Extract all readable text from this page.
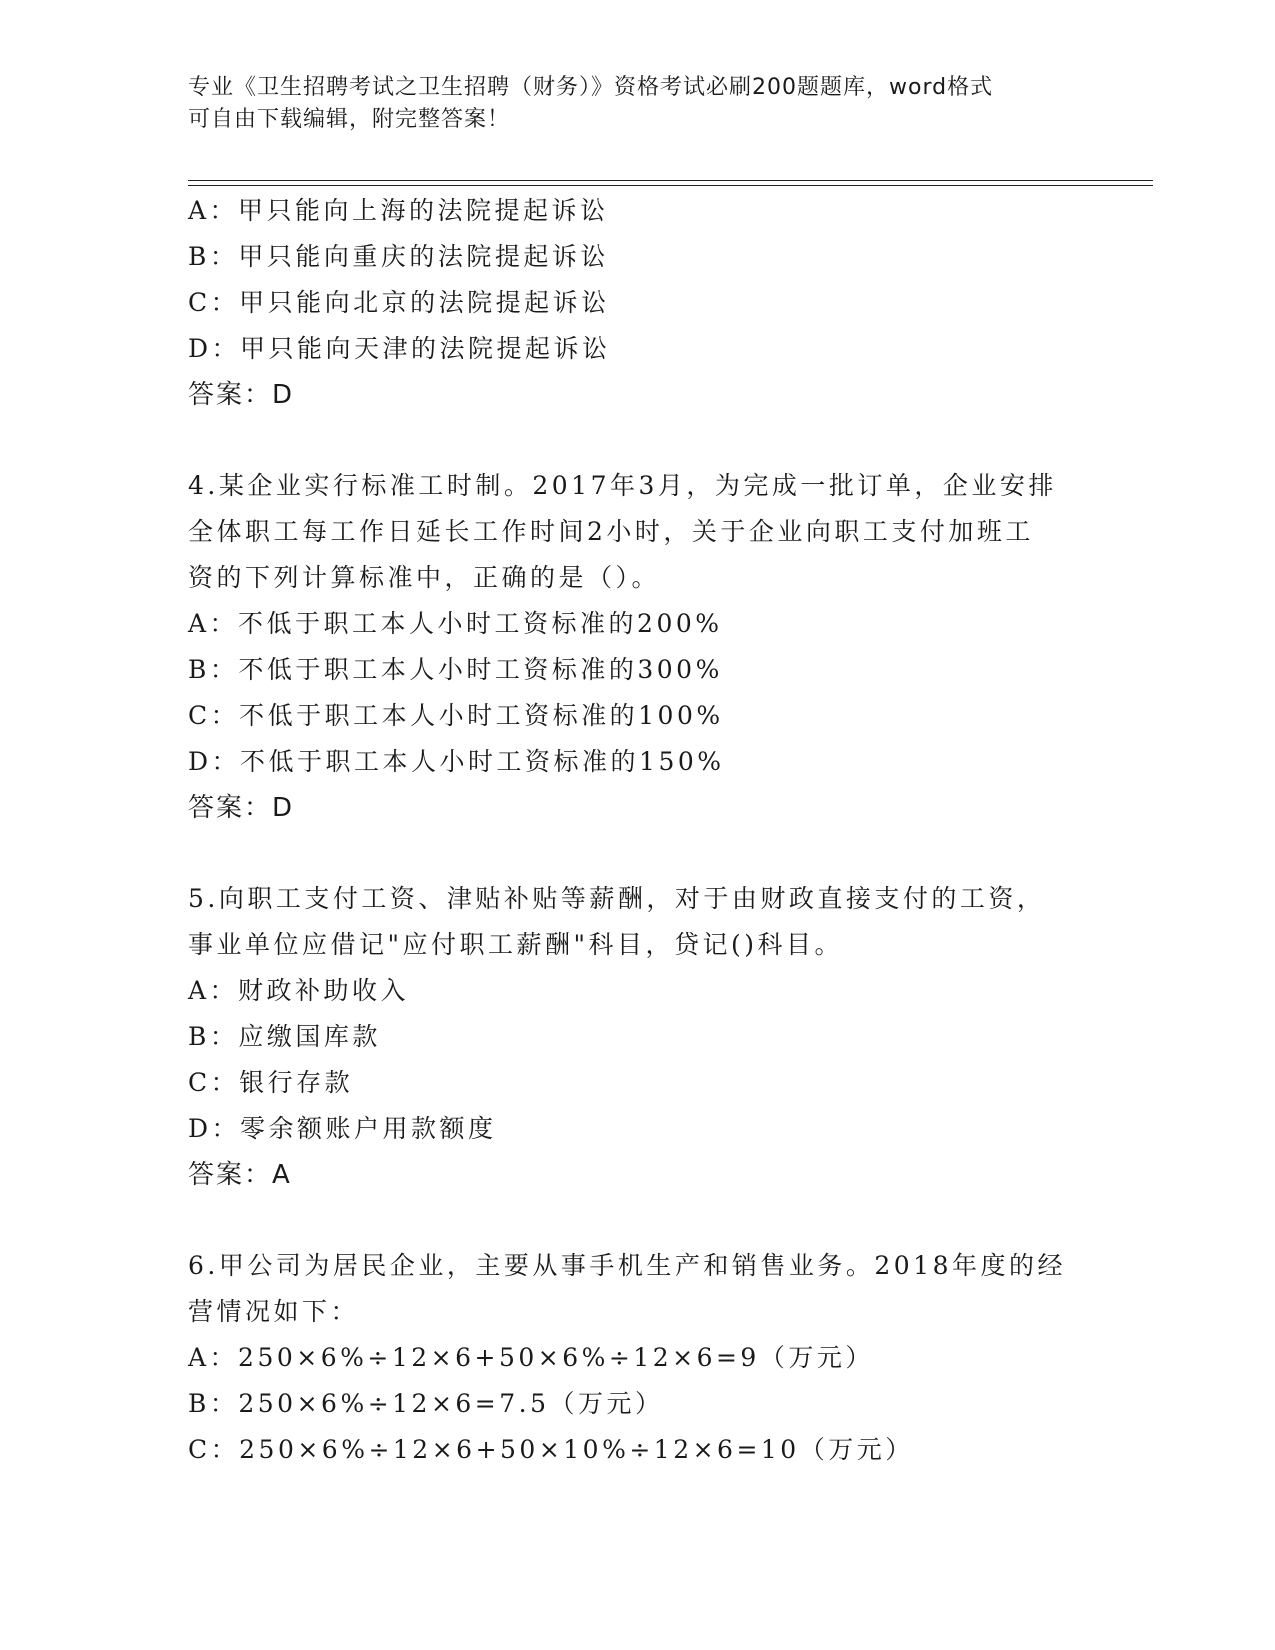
专业《卫生招聘考试之卫生招聘（财务）》资格考试必刷200题题库，word格式
可自由下载编辑，附完整答案！
A：甲只能向上海的法院提起诉讼
B：甲只能向重庆的法院提起诉讼
C：甲只能向北京的法院提起诉讼
D：甲只能向天津的法院提起诉讼
答案：D
4.某企业实行标准工时制。2017年3月，为完成一批订单，企业安排
全体职工每工作日延长工作时间2小时，关于企业向职工支付加班工
资的下列计算标准中，正确的是（）。
A：不低于职工本人小时工资标准的200%
B：不低于职工本人小时工资标准的300%
C：不低于职工本人小时工资标准的100%
D：不低于职工本人小时工资标准的150%
答案：D
5.向职工支付工资、津贴补贴等薪酬，对于由财政直接支付的工资，
事业单位应借记"应付职工薪酬"科目，贷记()科目。
A：财政补助收入
B：应缴国库款
C：银行存款
D：零余额账户用款额度
答案：A
6.甲公司为居民企业，主要从事手机生产和销售业务。2018年度的经
营情况如下：
A：250×6%÷12×6+50×6%÷12×6=9（万元）
B：250×6%÷12×6=7.5（万元）
C：250×6%÷12×6+50×10%÷12×6=10（万元）
